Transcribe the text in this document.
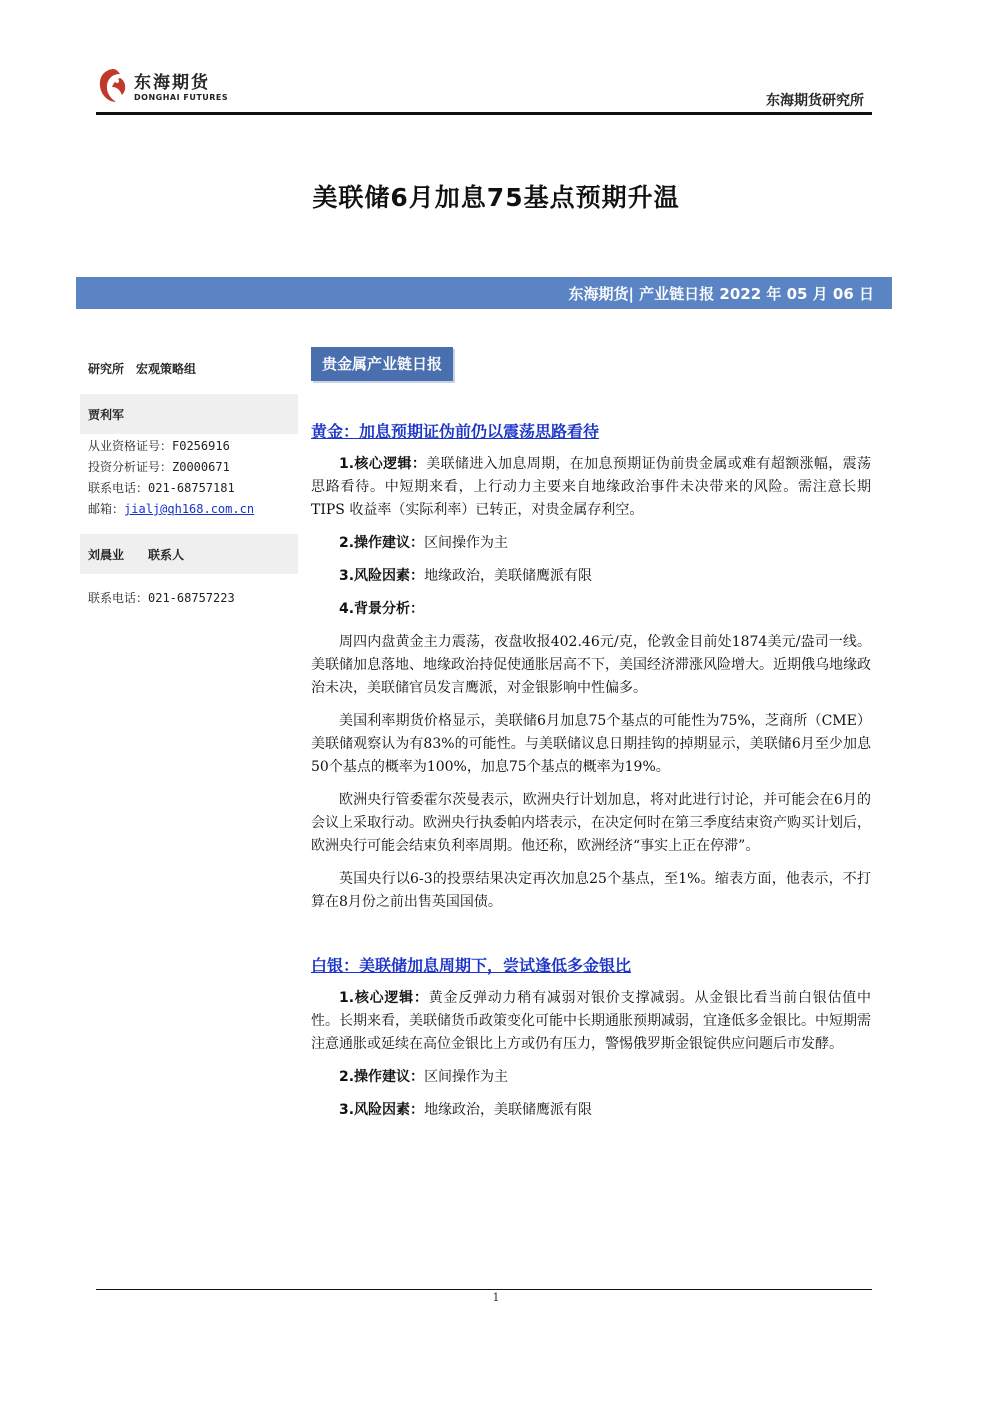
东海期货
DONGHAI FUTURES	东海期货研究所
美联储6月加息75基点预期升温
东海期货| 产业链日报 2022 年 05 月 06 日
研究所　宏观策略组
贾利军
从业资格证号：F0256916
投资分析证号：Z0000671
联系电话：021-68757181
邮箱：jialj@qh168.com.cn
刘晨业　　联系人
联系电话：021-68757223
贵金属产业链日报
黄金：加息预期证伪前仍以震荡思路看待

1.核心逻辑：美联储进入加息周期，在加息预期证伪前贵金属或难有超额涨幅，震荡思路看待。中短期来看，上行动力主要来自地缘政治事件未决带来的风险。需注意长期 TIPS 收益率（实际利率）已转正，对贵金属存利空。

2.操作建议：区间操作为主

3.风险因素：地缘政治，美联储鹰派有限

4.背景分析：

周四内盘黄金主力震荡，夜盘收报402.46元/克，伦敦金目前处1874美元/盎司一线。美联储加息落地、地缘政治持促使通胀居高不下，美国经济滞涨风险增大。近期俄乌地缘政治未决，美联储官员发言鹰派，对金银影响中性偏多。

美国利率期货价格显示，美联储6月加息75个基点的可能性为75%，芝商所（CME）美联储观察认为有83%的可能性。与美联储议息日期挂钩的掉期显示，美联储6月至少加息50个基点的概率为100%，加息75个基点的概率为19%。

欧洲央行管委霍尔茨曼表示，欧洲央行计划加息，将对此进行讨论，并可能会在6月的会议上采取行动。欧洲央行执委帕内塔表示，在决定何时在第三季度结束资产购买计划后，欧洲央行可能会结束负利率周期。他还称，欧洲经济“事实上正在停滞”。

英国央行以6-3的投票结果决定再次加息25个基点，至1%。缩表方面，他表示，不打算在8月份之前出售英国国债。

白银：美联储加息周期下，尝试逢低多金银比

1.核心逻辑：黄金反弹动力稍有减弱对银价支撑减弱。从金银比看当前白银估值中性。长期来看，美联储货币政策变化可能中长期通胀预期减弱，宜逢低多金银比。中短期需注意通胀或延续在高位金银比上方或仍有压力，警惕俄罗斯金银锭供应问题后市发酵。

2.操作建议：区间操作为主

3.风险因素：地缘政治，美联储鹰派有限

1
